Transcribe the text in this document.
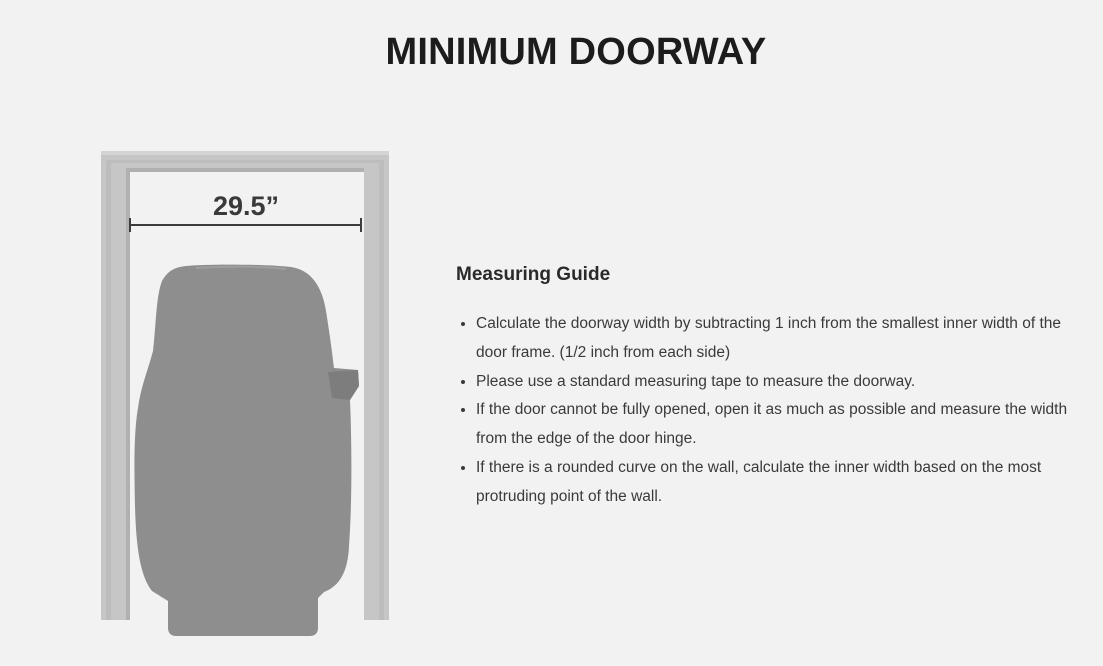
MINIMUM DOORWAY
29.5”
Measuring Guide
• Calculate the doorway width by subtracting 1 inch from the smallest inner width of the door frame. (1/2 inch from each side)
• Please use a standard measuring tape to measure the doorway.
• If the door cannot be fully opened, open it as much as possible and measure the width from the edge of the door hinge.
• If there is a rounded curve on the wall, calculate the inner width based on the most protruding point of the wall.
